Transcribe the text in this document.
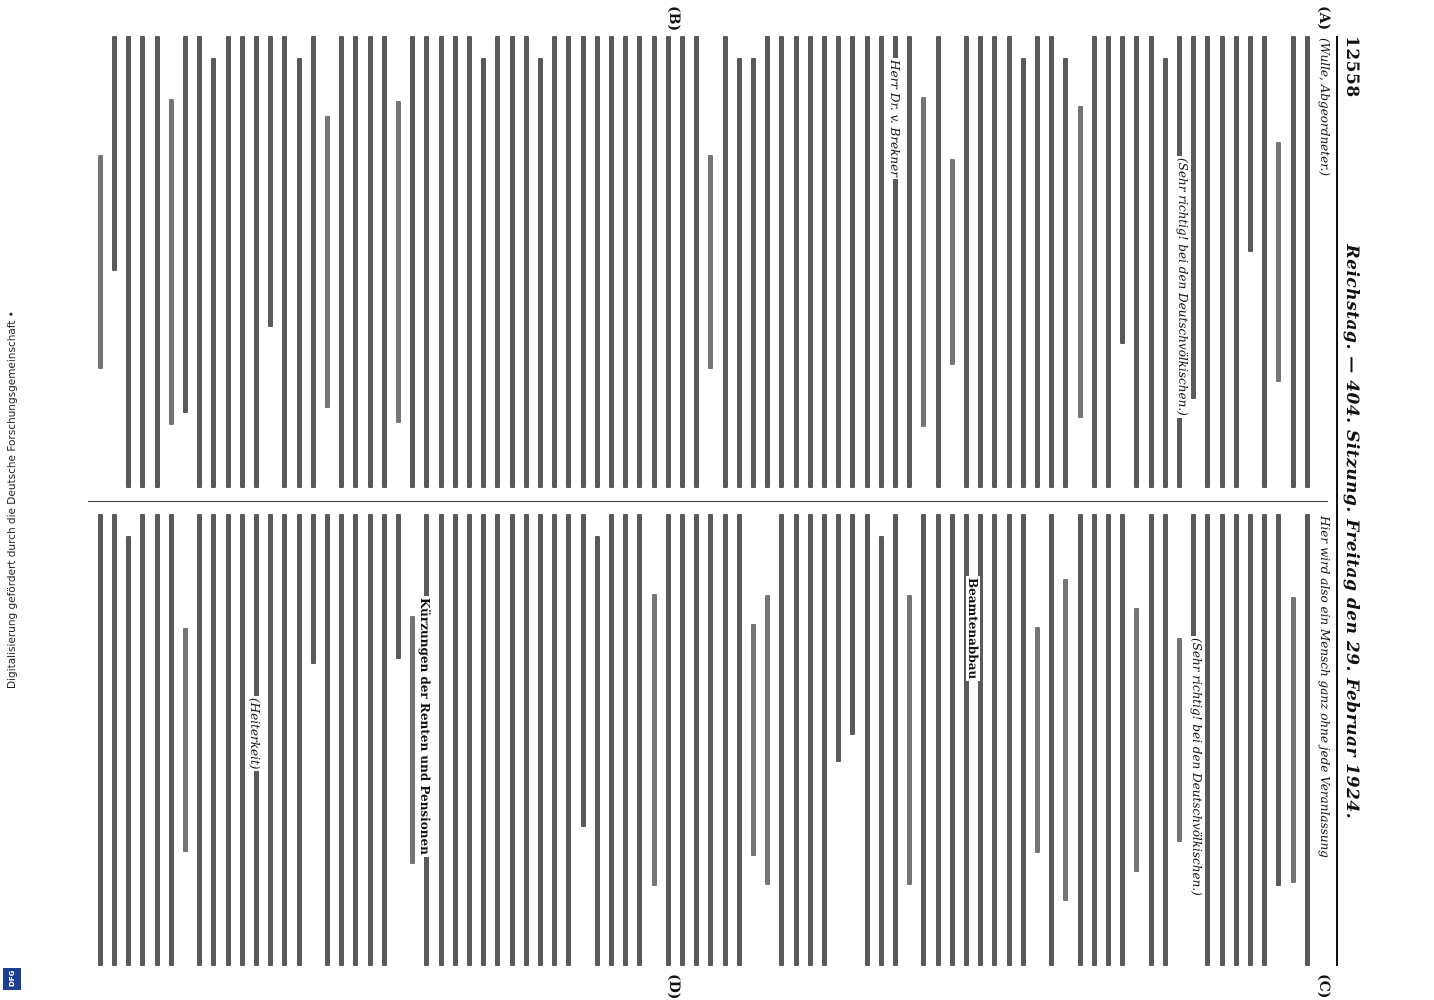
Digitalisierung gefördert durch die Deutsche Forschungsgemeinschaft •
DFG
12558
Reichstag. — 404. Sitzung. Freitag den 29. Februar 1924.
(A)
(B)
(C)
(D)
(Wulle, Abgeordneter.)
(Sehr richtig! bei den Deutschvölkischen.)
Herr Dr. v. Brekner
Hier wird also ein Mensch ganz ohne jede Veranlassung
(Sehr richtig! bei den Deutschvölkischen.)
Beamtenabbau
Kürzungen der Renten und Pensionen
(Heiterkeit)
